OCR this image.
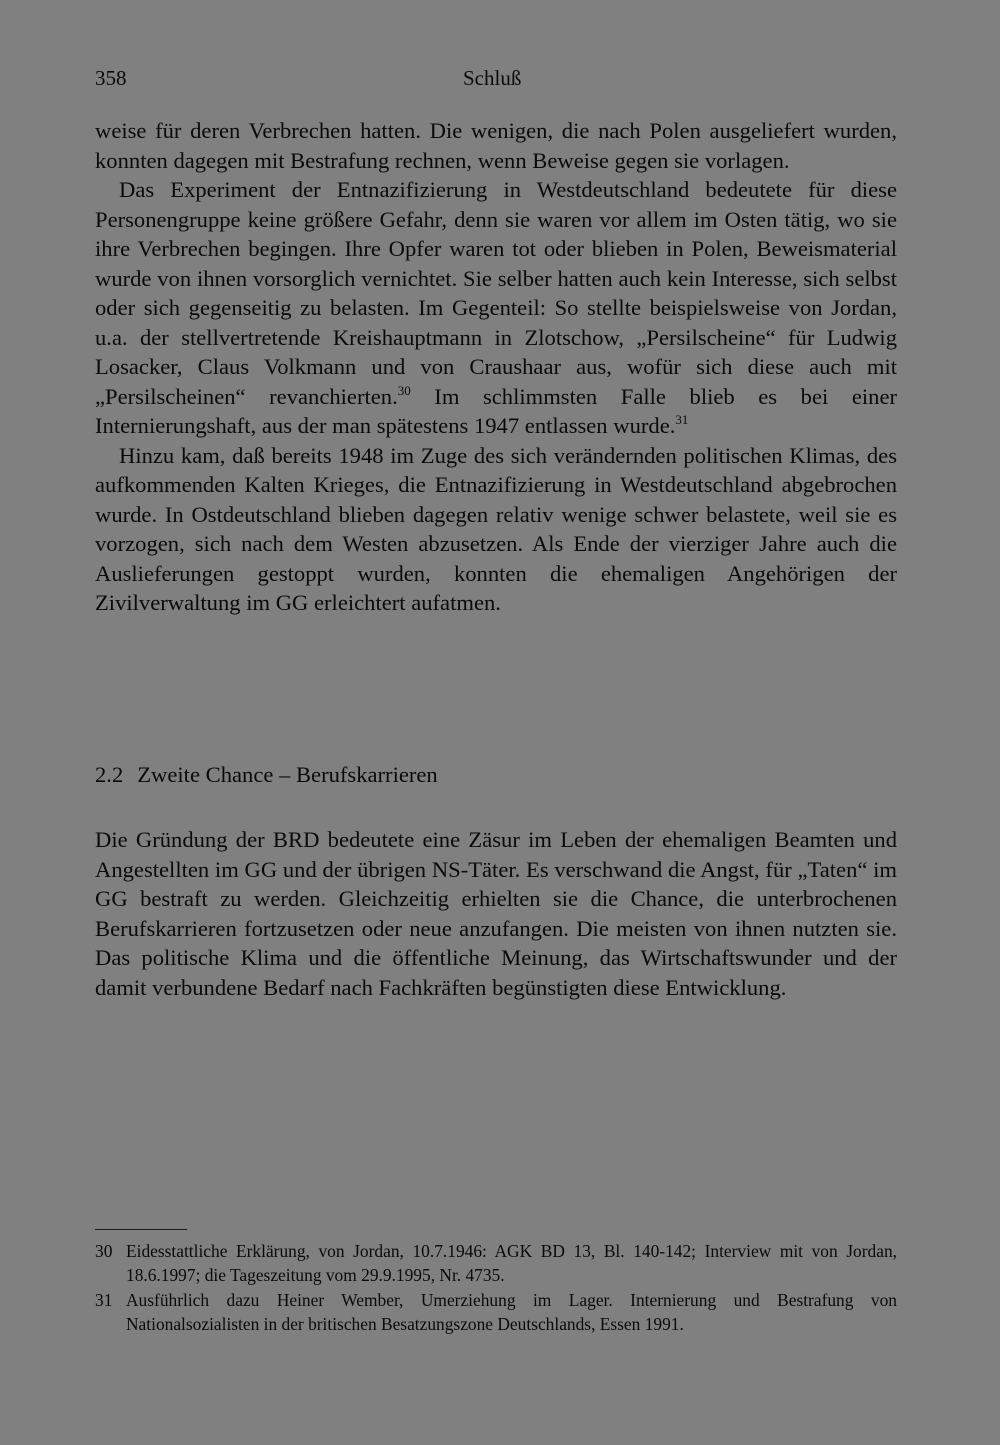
358	Schluß

weise für deren Verbrechen hatten. Die wenigen, die nach Polen ausgeliefert wurden, konnten dagegen mit Bestrafung rechnen, wenn Beweise gegen sie vorlagen.

Das Experiment der Entnazifizierung in Westdeutschland bedeutete für diese Personengruppe keine größere Gefahr, denn sie waren vor allem im Osten tätig, wo sie ihre Verbrechen begingen. Ihre Opfer waren tot oder blieben in Polen, Beweismaterial wurde von ihnen vorsorglich vernichtet. Sie selber hatten auch kein Interesse, sich selbst oder sich gegenseitig zu belasten. Im Gegenteil: So stellte beispielsweise von Jordan, u.a. der stellvertretende Kreishauptmann in Zlotschow, „Persilscheine“ für Ludwig Losacker, Claus Volkmann und von Craushaar aus, wofür sich diese auch mit „Persilscheinen“ revanchierten.$^{30}$ Im schlimmsten Falle blieb es bei einer Internierungshaft, aus der man spätestens 1947 entlassen wurde.$^{31}$

Hinzu kam, daß bereits 1948 im Zuge des sich verändernden politischen Klimas, des aufkommenden Kalten Krieges, die Entnazifizierung in Westdeutschland abgebrochen wurde. In Ostdeutschland blieben dagegen relativ wenige schwer belastete, weil sie es vorzogen, sich nach dem Westen abzusetzen. Als Ende der vierziger Jahre auch die Auslieferungen gestoppt wurden, konnten die ehemaligen Angehörigen der Zivilverwaltung im GG erleichtert aufatmen.

2.2 Zweite Chance – Berufskarrieren

Die Gründung der BRD bedeutete eine Zäsur im Leben der ehemaligen Beamten und Angestellten im GG und der übrigen NS-Täter. Es verschwand die Angst, für „Taten“ im GG bestraft zu werden. Gleichzeitig erhielten sie die Chance, die unterbrochenen Berufskarrieren fortzusetzen oder neue anzufangen. Die meisten von ihnen nutzten sie. Das politische Klima und die öffentliche Meinung, das Wirtschaftswunder und der damit verbundene Bedarf nach Fachkräften begünstigten diese Entwicklung.

30 Eidesstattliche Erklärung, von Jordan, 10.7.1946: AGK BD 13, Bl. 140-142; Interview mit von Jordan, 18.6.1997; die Tageszeitung vom 29.9.1995, Nr. 4735.
31 Ausführlich dazu Heiner Wember, Umerziehung im Lager. Internierung und Bestrafung von Nationalsozialisten in der britischen Besatzungszone Deutschlands, Essen 1991.
